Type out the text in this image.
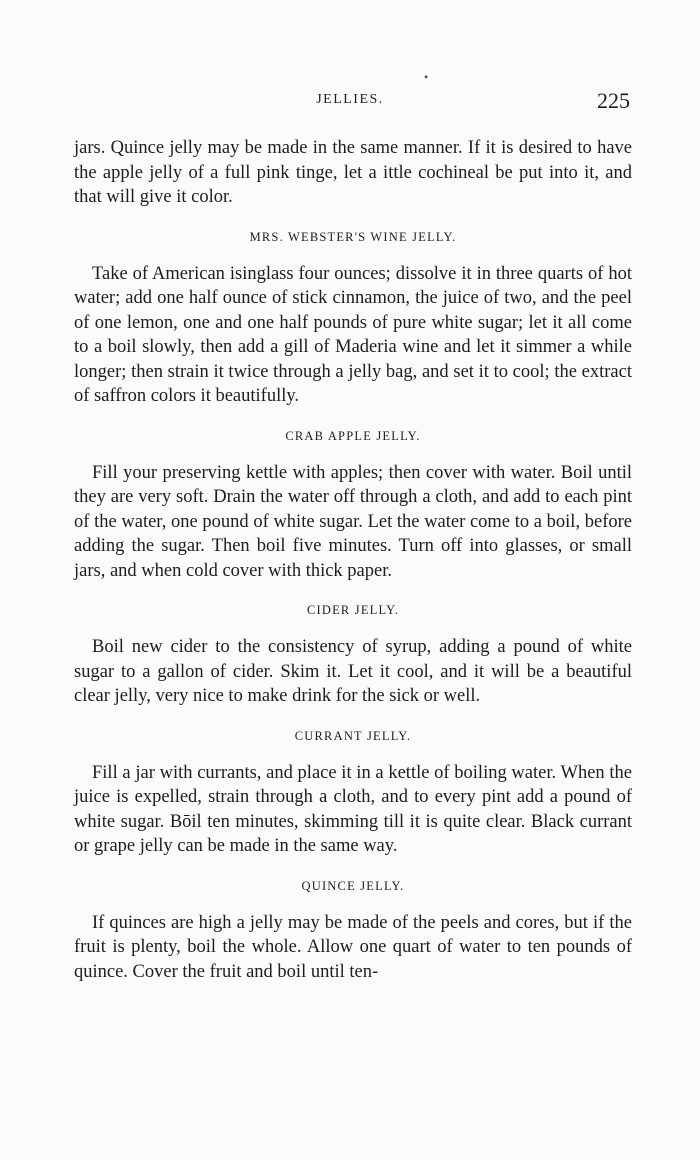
•
JELLIES.	225

jars. Quince jelly may be made in the same manner. If it is desired to have the apple jelly of a full pink tinge, let a ittle cochineal be put into it, and that will give it color.

MRS. WEBSTER'S WINE JELLY.

Take of American isinglass four ounces; dissolve it in three quarts of hot water; add one half ounce of stick cinnamon, the juice of two, and the peel of one lemon, one and one half pounds of pure white sugar; let it all come to a boil slowly, then add a gill of Maderia wine and let it simmer a while longer; then strain it twice through a jelly bag, and set it to cool; the extract of saffron colors it beautifully.

CRAB APPLE JELLY.

Fill your preserving kettle with apples; then cover with water. Boil until they are very soft. Drain the water off through a cloth, and add to each pint of the water, one pound of white sugar. Let the water come to a boil, before adding the sugar. Then boil five minutes. Turn off into glasses, or small jars, and when cold cover with thick paper.

CIDER JELLY.

Boil new cider to the consistency of syrup, adding a pound of white sugar to a gallon of cider. Skim it. Let it cool, and it will be a beautiful clear jelly, very nice to make drink for the sick or well.

CURRANT JELLY.

Fill a jar with currants, and place it in a kettle of boiling water. When the juice is expelled, strain through a cloth, and to every pint add a pound of white sugar. Bōil ten minutes, skimming till it is quite clear. Black currant or grape jelly can be made in the same way.

QUINCE JELLY.

If quinces are high a jelly may be made of the peels and cores, but if the fruit is plenty, boil the whole. Allow one quart of water to ten pounds of quince. Cover the fruit and boil until ten-
